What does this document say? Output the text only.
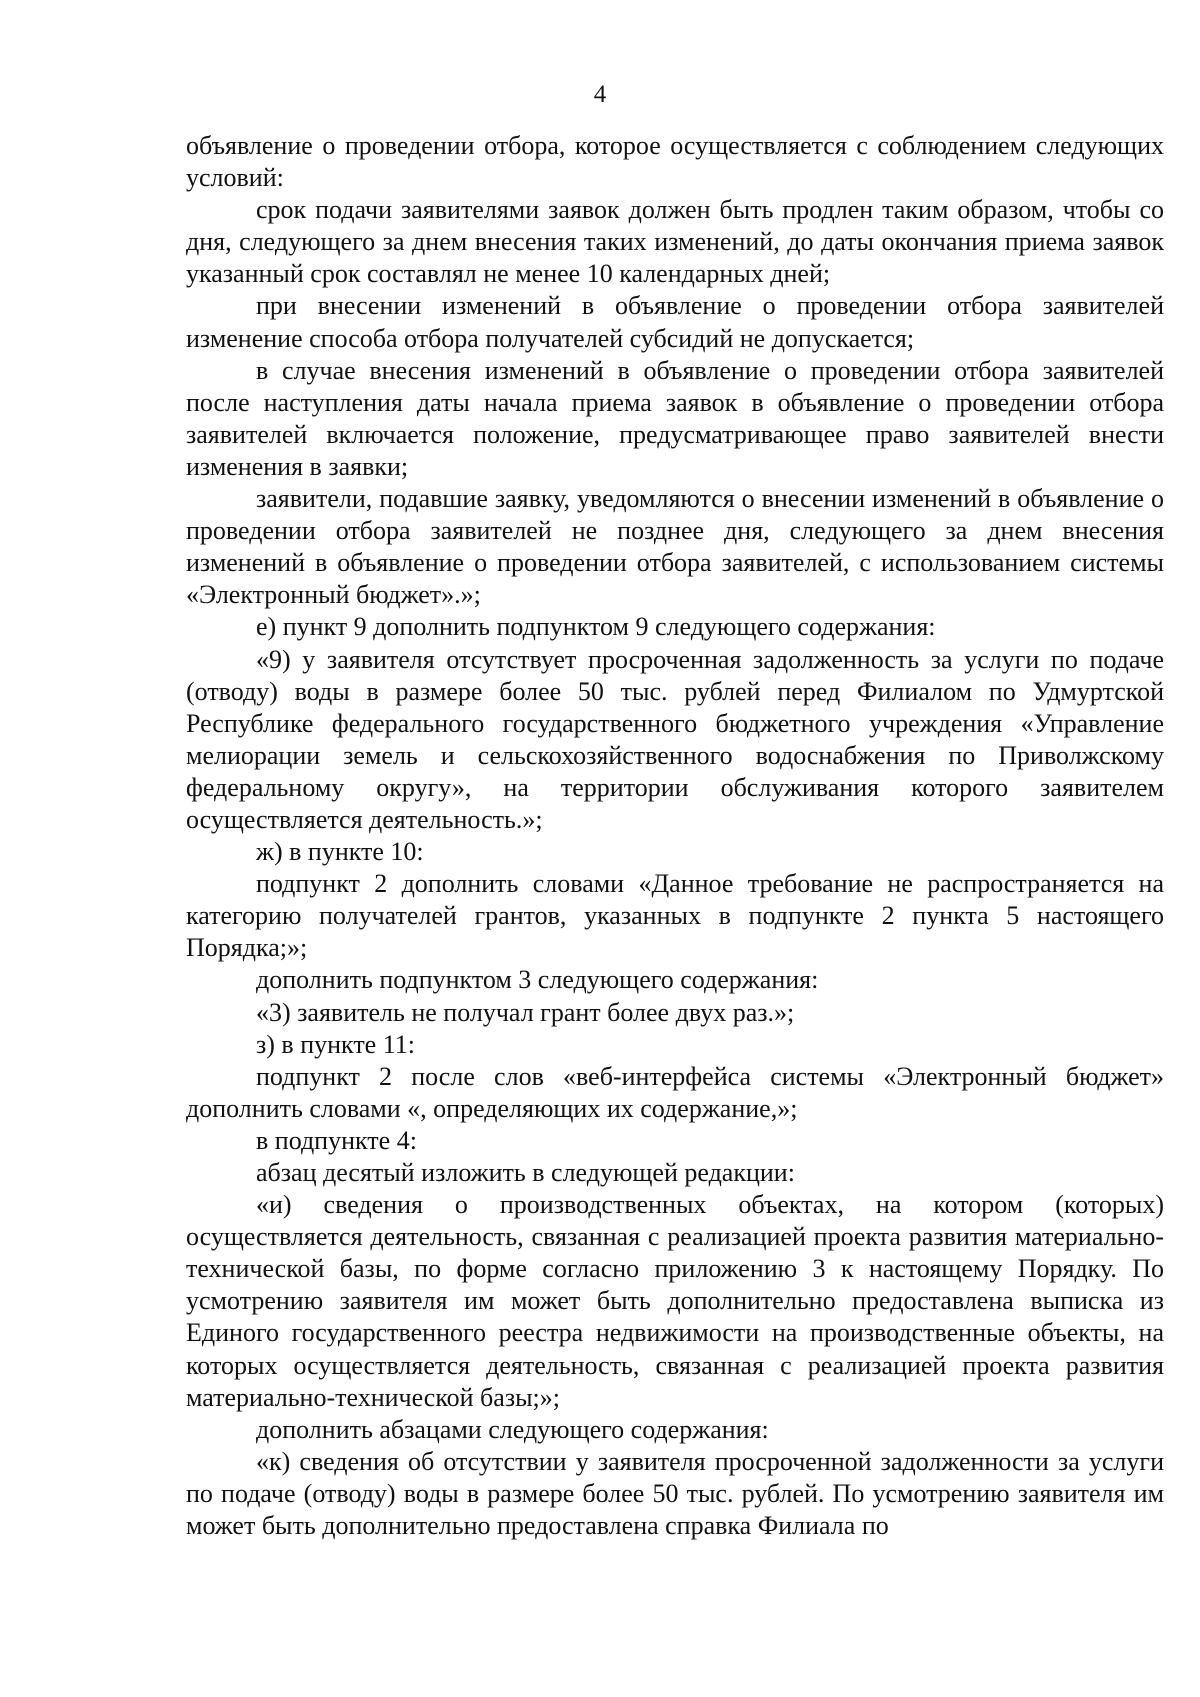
4

объявление о проведении отбора, которое осуществляется с соблюдением следующих условий:

срок подачи заявителями заявок должен быть продлен таким образом, чтобы со дня, следующего за днем внесения таких изменений, до даты окончания приема заявок указанный срок составлял не менее 10 календарных дней;

при внесении изменений в объявление о проведении отбора заявителей изменение способа отбора получателей субсидий не допускается;

в случае внесения изменений в объявление о проведении отбора заявителей после наступления даты начала приема заявок в объявление о проведении отбора заявителей включается положение, предусматривающее право заявителей внести изменения в заявки;

заявители, подавшие заявку, уведомляются о внесении изменений в объявление о проведении отбора заявителей не позднее дня, следующего за днем внесения изменений в объявление о проведении отбора заявителей, с использованием системы «Электронный бюджет».»;

е) пункт 9 дополнить подпунктом 9 следующего содержания:

«9) у заявителя отсутствует просроченная задолженность за услуги по подаче (отводу) воды в размере более 50 тыс. рублей перед Филиалом по Удмуртской Республике федерального государственного бюджетного учреждения «Управление мелиорации земель и сельскохозяйственного водоснабжения по Приволжскому федеральному округу», на территории обслуживания которого заявителем осуществляется деятельность.»;

ж) в пункте 10:

подпункт 2 дополнить словами «Данное требование не распространяется на категорию получателей грантов, указанных в подпункте 2 пункта 5 настоящего Порядка;»;

дополнить подпунктом 3 следующего содержания:

«3) заявитель не получал грант более двух раз.»;

з) в пункте 11:

подпункт 2 после слов «веб-интерфейса системы «Электронный бюджет» дополнить словами «, определяющих их содержание,»;

в подпункте 4:

абзац десятый изложить в следующей редакции:

«и) сведения о производственных объектах, на котором (которых) осуществляется деятельность, связанная с реализацией проекта развития материально-технической базы, по форме согласно приложению 3 к настоящему Порядку. По усмотрению заявителя им может быть дополнительно предоставлена выписка из Единого государственного реестра недвижимости на производственные объекты, на которых осуществляется деятельность, связанная с реализацией проекта развития материально-технической базы;»;

дополнить абзацами следующего содержания:

«к) сведения об отсутствии у заявителя просроченной задолженности за услуги по подаче (отводу) воды в размере более 50 тыс. рублей. По усмотрению заявителя им может быть дополнительно предоставлена справка Филиала по
